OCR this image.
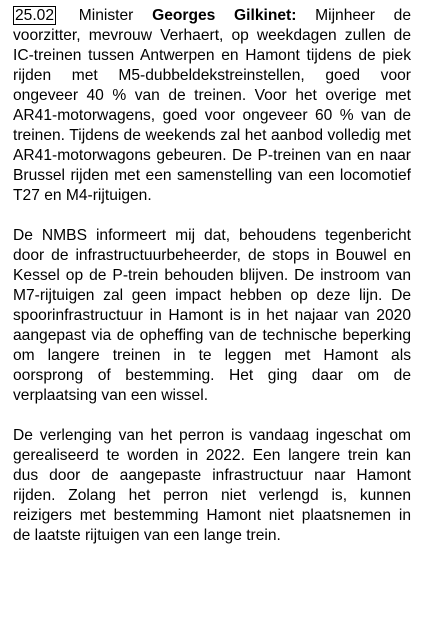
25.02 Minister Georges Gilkinet: Mijnheer de voorzitter, mevrouw Verhaert, op weekdagen zullen de IC-treinen tussen Antwerpen en Hamont tijdens de piek rijden met M5-dubbeldekstreinstellen, goed voor ongeveer 40 % van de treinen. Voor het overige met AR41-motorwagens, goed voor ongeveer 60 % van de treinen. Tijdens de weekends zal het aanbod volledig met AR41-motorwagons gebeuren. De P-treinen van en naar Brussel rijden met een samenstelling van een locomotief T27 en M4-rijtuigen.

De NMBS informeert mij dat, behoudens tegenbericht door de infrastructuurbeheerder, de stops in Bouwel en Kessel op de P-trein behouden blijven. De instroom van M7-rijtuigen zal geen impact hebben op deze lijn. De spoorinfrastructuur in Hamont is in het najaar van 2020 aangepast via de opheffing van de technische beperking om langere treinen in te leggen met Hamont als oorsprong of bestemming. Het ging daar om de verplaatsing van een wissel.

De verlenging van het perron is vandaag ingeschat om gerealiseerd te worden in 2022. Een langere trein kan dus door de aangepaste infrastructuur naar Hamont rijden. Zolang het perron niet verlengd is, kunnen reizigers met bestemming Hamont niet plaatsnemen in de laatste rijtuigen van een lange trein.
